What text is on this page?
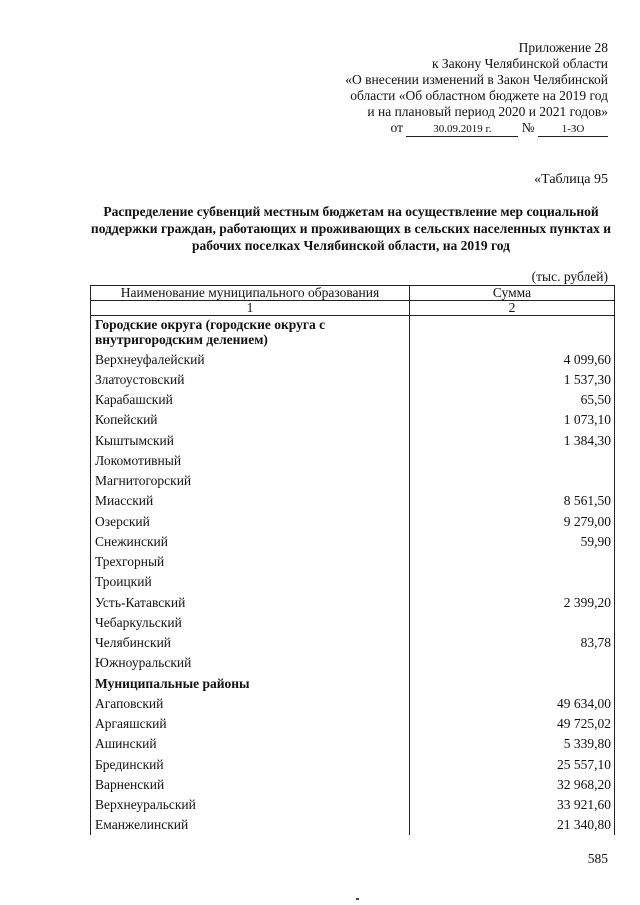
Приложение 28
к Закону Челябинской области
«О внесении изменений в Закон Челябинской
области «Об областном бюджете на 2019 год
и на плановый период 2020 и 2021 годов»
от	30.09.2019 г. № 1-ЗО
«Таблица 95
Распределение субвенций местным бюджетам на осуществление мер социальной поддержки граждан, работающих и проживающих в сельских населенных пунктах и рабочих поселках Челябинской области, на 2019 год
(тыс. рублей)
Наименование муниципального образования	Сумма
1	2
Городские округа (городские округа с внутригородским делением)	
Верхнеуфалейский	4 099,60
Златоустовский	1 537,30
Карабашский	65,50
Копейский	1 073,10
Кыштымский	1 384,30
Локомотивный	
Магнитогорский	
Миасский	8 561,50
Озерский	9 279,00
Снежинский	59,90
Трехгорный	
Троицкий	
Усть-Катавский	2 399,20
Чебаркульский	
Челябинский	83,78
Южноуральский	
Муниципальные районы	
Агаповский	49 634,00
Аргаяшский	49 725,02
Ашинский	5 339,80
Брединский	25 557,10
Варненский	32 968,20
Верхнеуральский	33 921,60
Еманжелинский	21 340,80
585
